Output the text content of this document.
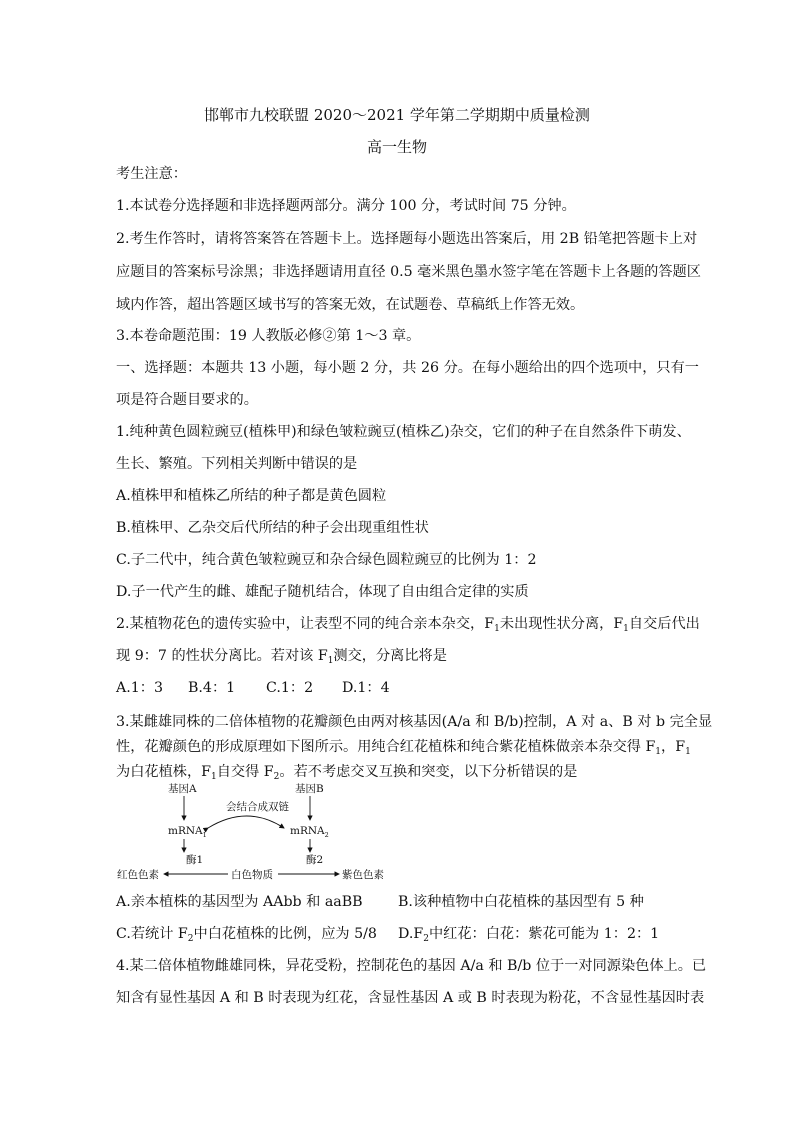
邯郸市九校联盟 2020～2021 学年第二学期期中质量检测
高一生物
考生注意：
1.本试卷分选择题和非选择题两部分。满分 100 分，考试时间 75 分钟。
2.考生作答时，请将答案答在答题卡上。选择题每小题选出答案后，用 2B 铅笔把答题卡上对
应题目的答案标号涂黑；非选择题请用直径 0.5 毫米黑色墨水签字笔在答题卡上各题的答题区
域内作答，超出答题区域书写的答案无效，在试题卷、草稿纸上作答无效。
3.本卷命题范围：19 人教版必修②第 1～3 章。
一、选择题：本题共 13 小题，每小题 2 分，共 26 分。在每小题给出的四个选项中，只有一
项是符合题目要求的。
1.纯种黄色圆粒豌豆(植株甲)和绿色皱粒豌豆(植株乙)杂交，它们的种子在自然条件下萌发、
生长、繁殖。下列相关判断中错误的是
A.植株甲和植株乙所结的种子都是黄色圆粒
B.植株甲、乙杂交后代所结的种子会出现重组性状
C.子二代中，纯合黄色皱粒豌豆和杂合绿色圆粒豌豆的比例为 1：2
D.子一代产生的雌、雄配子随机结合，体现了自由组合定律的实质
2.某植物花色的遗传实验中，让表型不同的纯合亲本杂交，$F_1$未出现性状分离，$F_1$自交后代出
现 9：7 的性状分离比。若对该 $F_1$测交，分离比将是
A.1：3 B.4：1 C.1：2 D.1：4
3.某雌雄同株的二倍体植物的花瓣颜色由两对核基因(A/a 和 B/b)控制，A 对 a、B 对 b 完全显
性，花瓣颜色的形成原理如下图所示。用纯合红花植株和纯合紫花植株做亲本杂交得 $F_1$，$F_1$
为白花植株，$F_1$自交得 $F_2$。若不考虑交叉互换和突变，以下分析错误的是
基因A	基因B
会结合成双链
mRNA$_1$	mRNA$_2$
酶1	酶2
红色色素	白色物质	紫色色素
A.亲本植株的基因型为 AAbb 和 aaBB B.该种植物中白花植株的基因型有 5 种
C.若统计 $F_2$中白花植株的比例，应为 5/8 $D.F_2$中红花：白花：紫花可能为 1：2：1
4.某二倍体植物雌雄同株，异花受粉，控制花色的基因 A/a 和 B/b 位于一对同源染色体上。已
知含有显性基因 A 和 B 时表现为红花，含显性基因 A 或 B 时表现为粉花，不含显性基因时表
